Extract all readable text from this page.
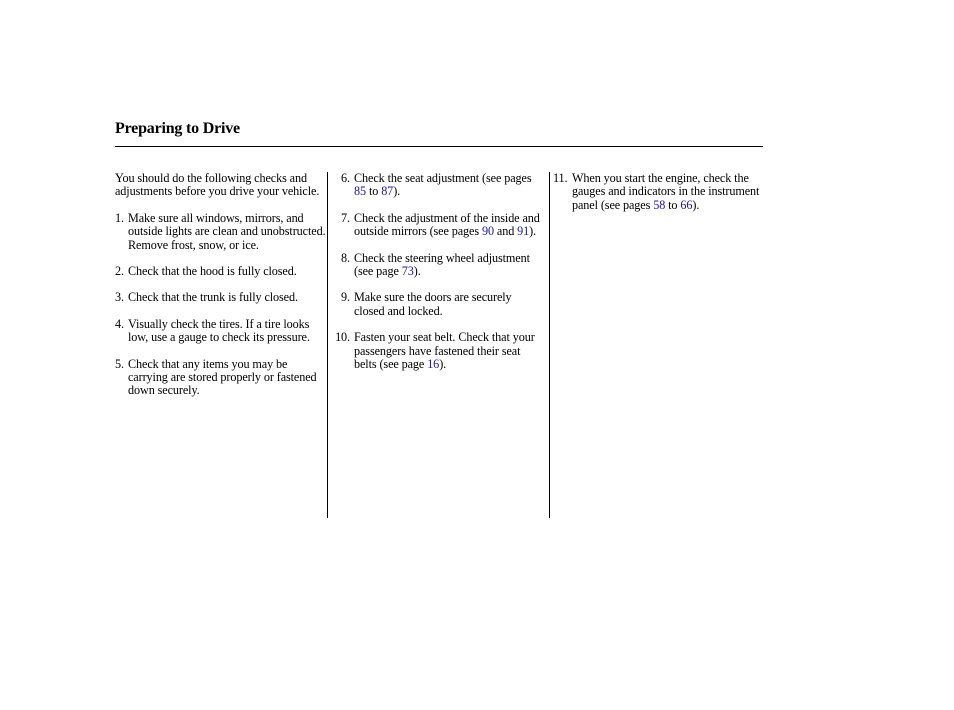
Preparing to Drive
You should do the following checks and adjustments before you drive your vehicle.
1. Make sure all windows, mirrors, and outside lights are clean and unobstructed. Remove frost, snow, or ice.
2. Check that the hood is fully closed.
3. Check that the trunk is fully closed.
4. Visually check the tires. If a tire looks low, use a gauge to check its pressure.
5. Check that any items you may be carrying are stored properly or fastened down securely.
6. Check the seat adjustment (see pages 85 to 87).
7. Check the adjustment of the inside and outside mirrors (see pages 90 and 91).
8. Check the steering wheel adjustment (see page 73).
9. Make sure the doors are securely closed and locked.
10. Fasten your seat belt. Check that your passengers have fastened their seat belts (see page 16).
11. When you start the engine, check the gauges and indicators in the instrument panel (see pages 58 to 66).
